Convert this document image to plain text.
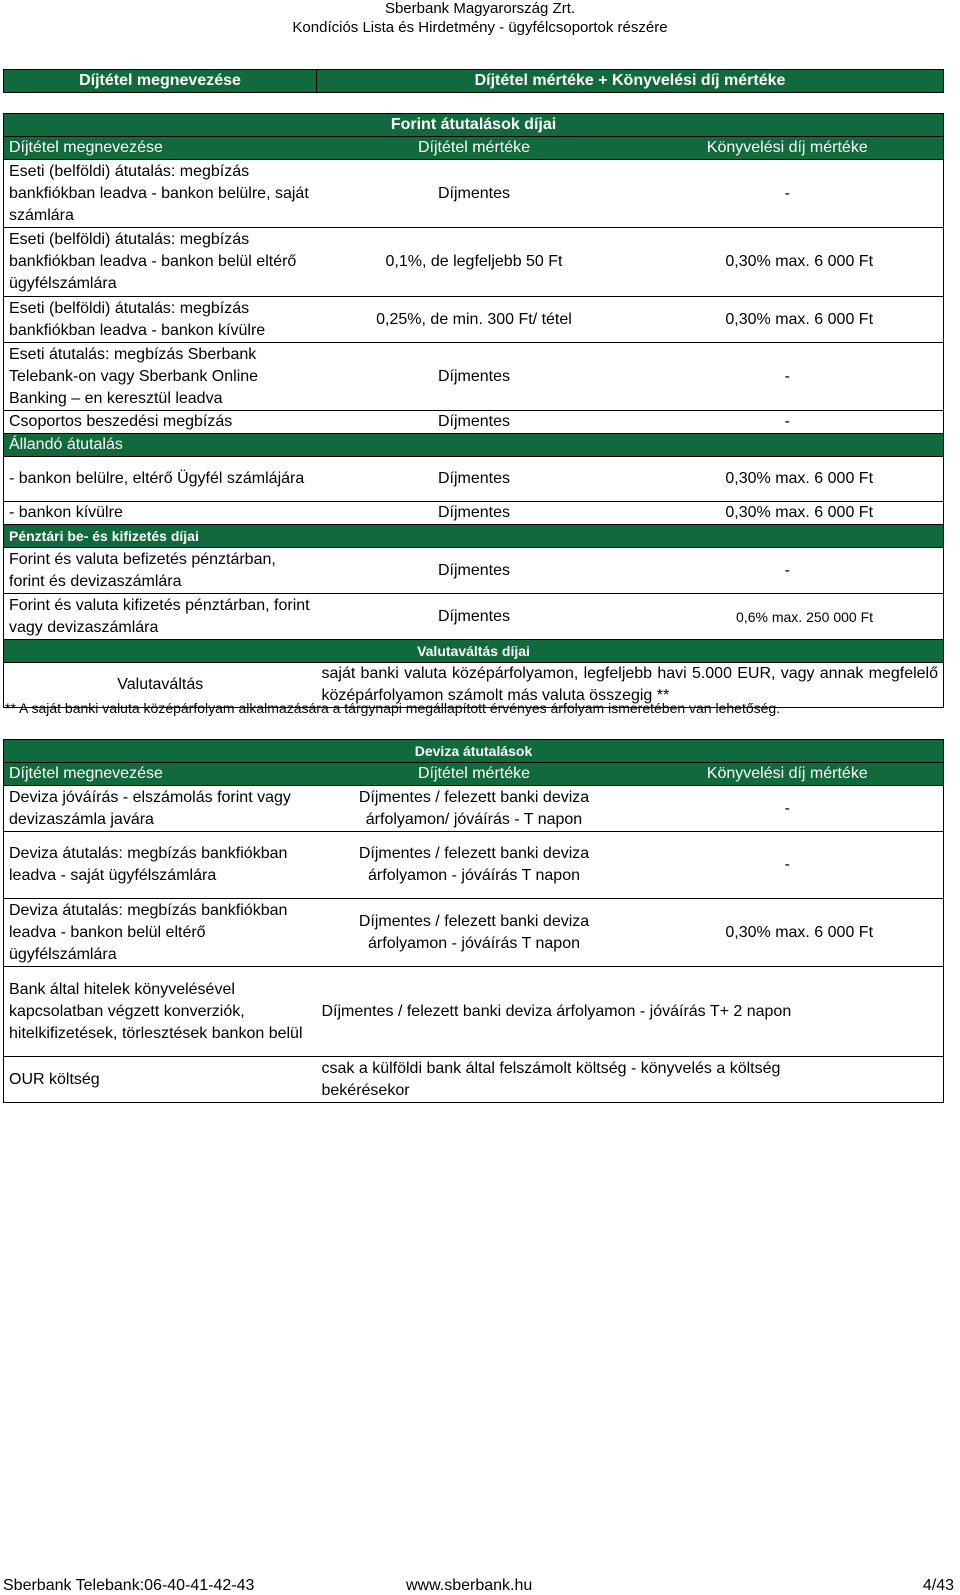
Sberbank Magyarország Zrt.
Kondíciós Lista és Hirdetmény - ügyfélcsoportok részére
Díjtétel megnevezése	Díjtétel mértéke + Könyvelési díj mértéke
Forint átutalások díjai		
Díjtétel megnevezése	Díjtétel mértéke	Könyvelési díj mértéke
Eseti (belföldi) átutalás: megbízás bankfiókban leadva - bankon belülre, saját számlára	Díjmentes	-
Eseti (belföldi) átutalás: megbízás bankfiókban leadva - bankon belül eltérő ügyfélszámlára	0,1%, de legfeljebb 50 Ft	0,30% max. 6 000 Ft
Eseti (belföldi) átutalás: megbízás bankfiókban leadva - bankon kívülre	0,25%, de min. 300 Ft/ tétel	0,30% max. 6 000 Ft
Eseti átutalás: megbízás Sberbank Telebank-on vagy Sberbank Online Banking – en keresztül leadva	Díjmentes	-
Csoportos beszedési megbízás	Díjmentes	-
Állandó átutalás		
- bankon belülre, eltérő Ügyfél számlájára	Díjmentes	0,30% max. 6 000 Ft
- bankon kívülre	Díjmentes	0,30% max. 6 000 Ft
Pénztári be- és kifizetés díjai		
Forint és valuta befizetés pénztárban, forint és devizaszámlára	Díjmentes	-
Forint és valuta kifizetés pénztárban, forint vagy devizaszámlára	Díjmentes	0,6% max. 250 000 Ft
Valutaváltás díjai		
Valutaváltás	saját banki valuta középárfolyamon, legfeljebb havi 5.000 EUR, vagy annak megfelelő középárfolyamon számolt más valuta összegig **	
** A saját banki valuta középárfolyam alkalmazására a tárgynapi megállapított érvényes árfolyam ismeretében van lehetőség.
Deviza átutalások		
Díjtétel megnevezése	Díjtétel mértéke	Könyvelési díj mértéke
Deviza jóváírás - elszámolás forint vagy devizaszámla javára	Díjmentes / felezett banki deviza árfolyamon/ jóváírás - T napon	-
Deviza átutalás: megbízás bankfiókban leadva - saját ügyfélszámlára	Díjmentes / felezett banki deviza árfolyamon - jóváírás T napon	-
Deviza átutalás: megbízás bankfiókban leadva - bankon belül eltérő ügyfélszámlára	Díjmentes / felezett banki deviza árfolyamon - jóváírás T napon	0,30% max. 6 000 Ft
Bank által hitelek könyvelésével kapcsolatban végzett konverziók, hitelkifizetések, törlesztések bankon belül	Díjmentes / felezett banki deviza árfolyamon - jóváírás T+ 2 napon	
OUR költség	csak a külföldi bank által felszámolt költség - könyvelés a költség bekérésekor	
Sberbank Telebank:06-40-41-42-43	www.sberbank.hu	4/43
